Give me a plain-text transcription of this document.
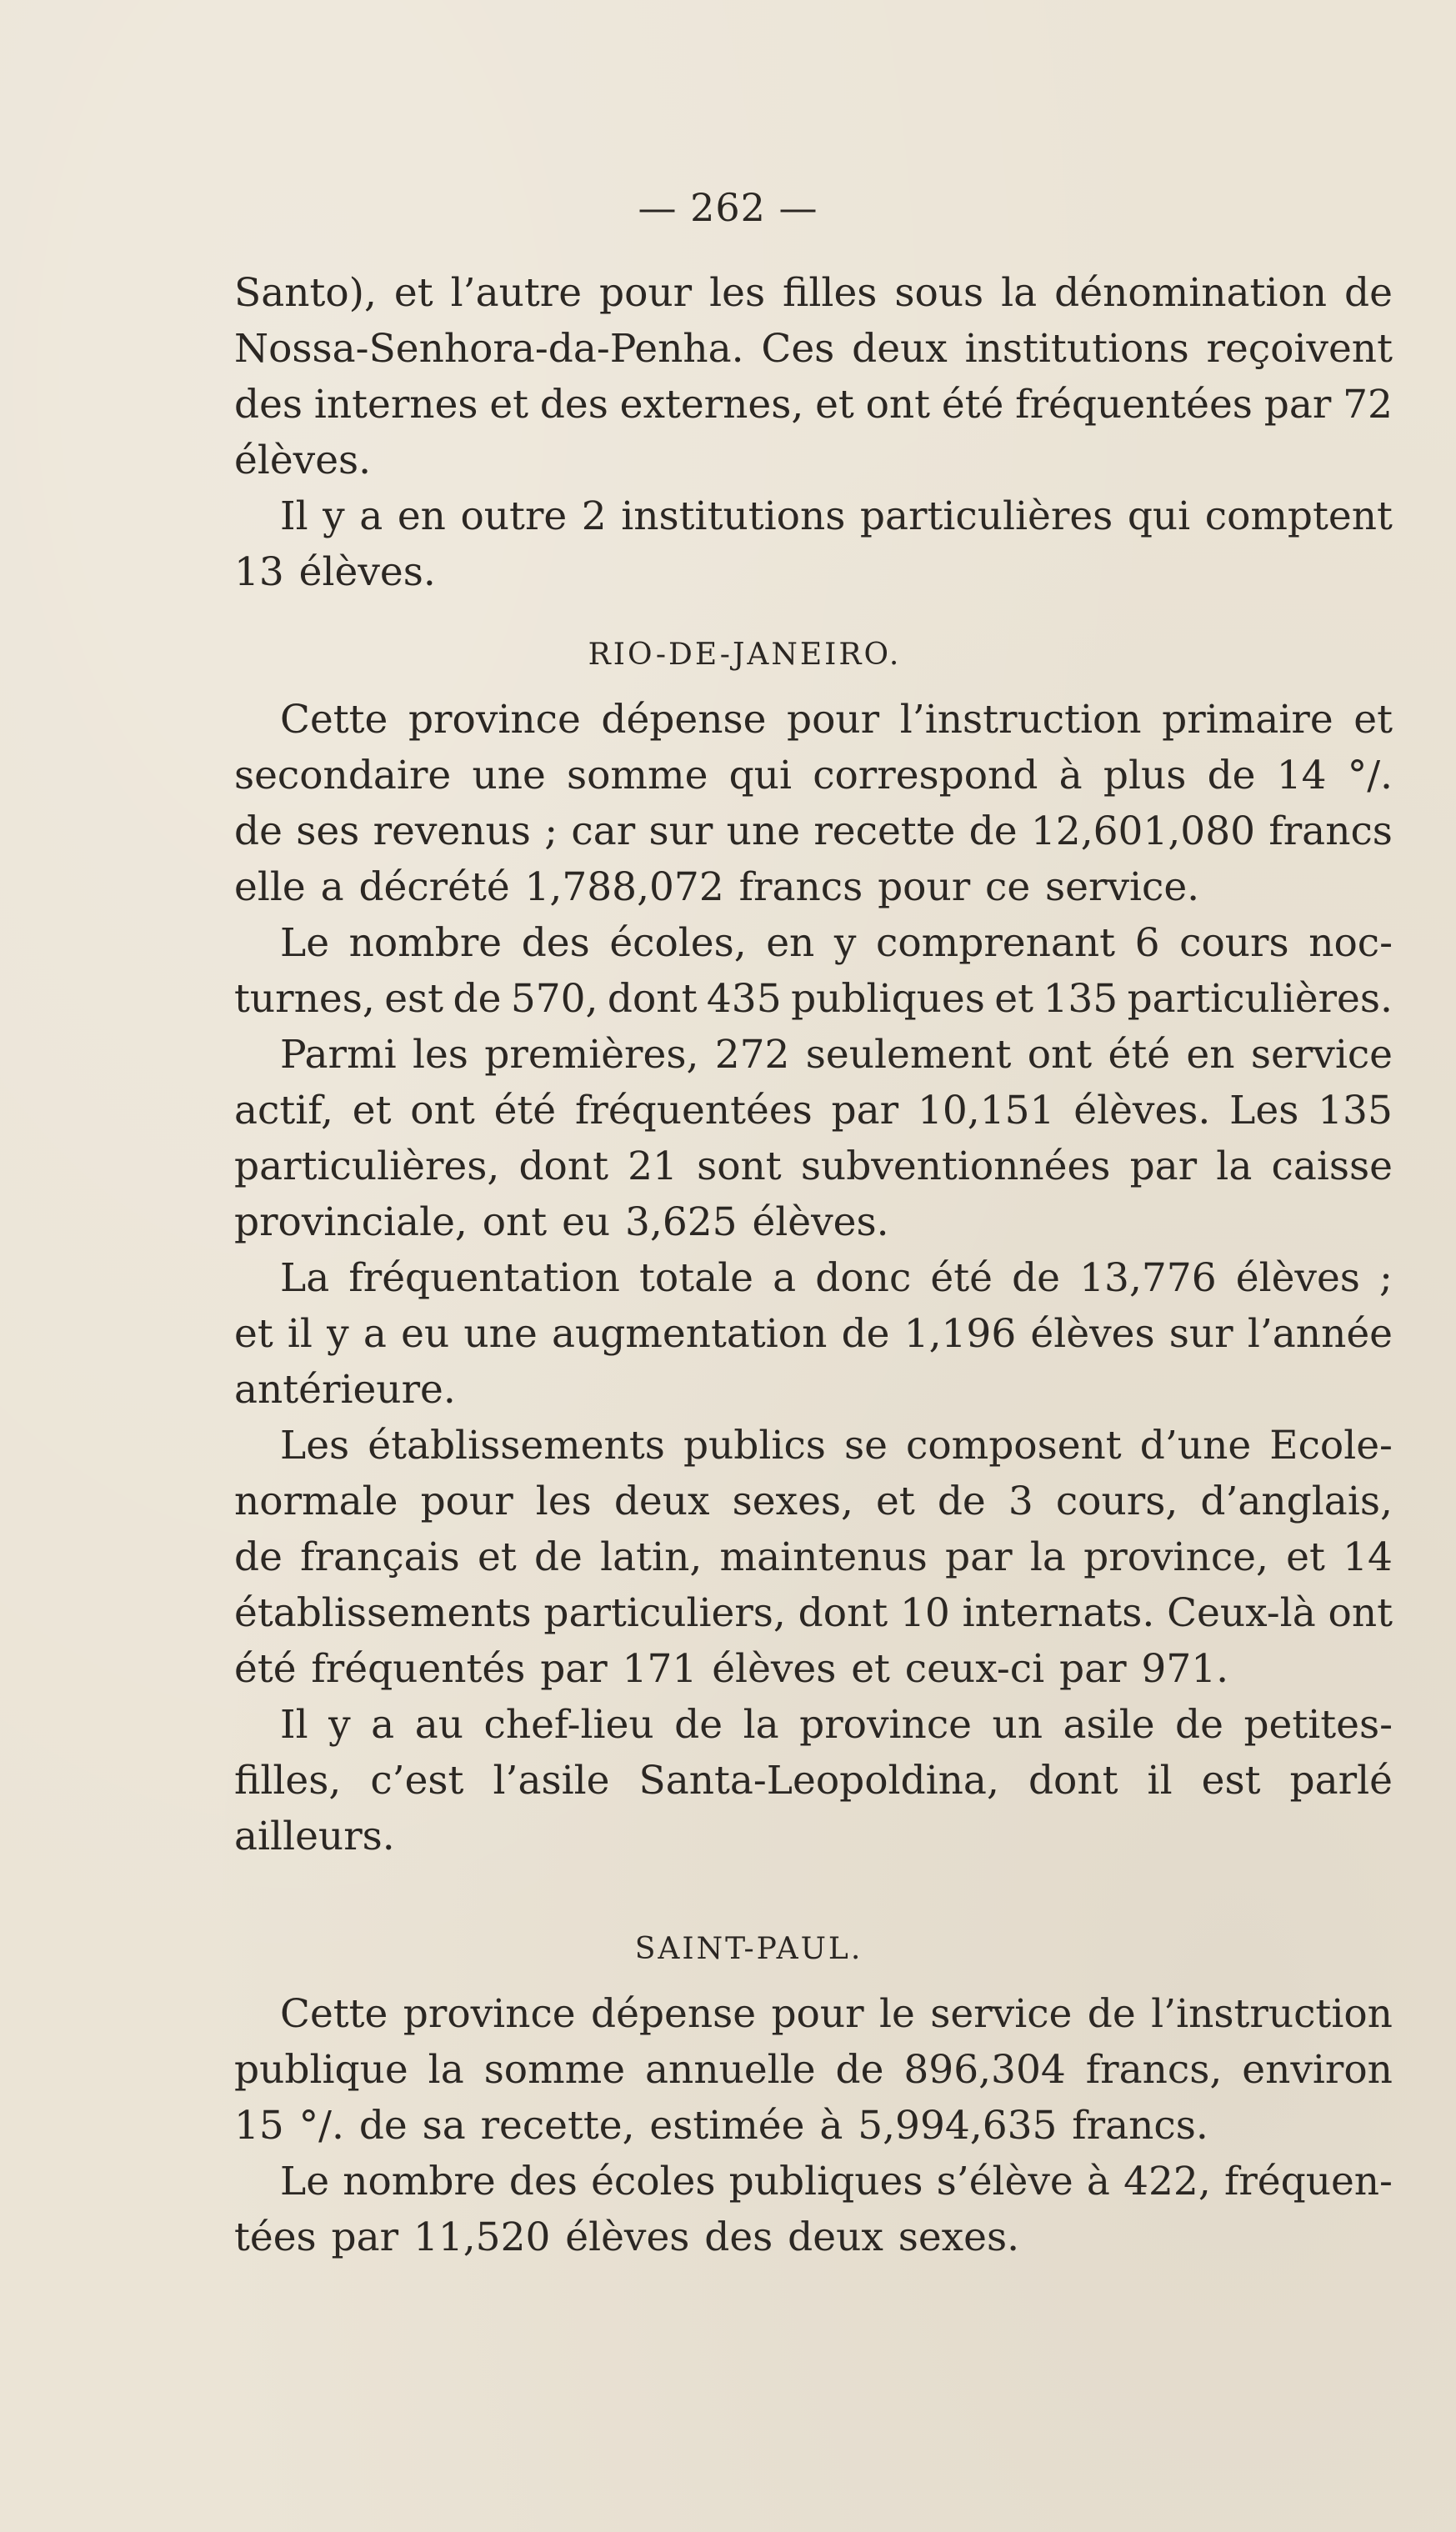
— 262 —
Santo), et l’autre pour les filles sous la dénomination de
Nossa-Senhora-da-Penha. Ces deux institutions reçoivent
des internes et des externes, et ont été fréquentées par 72
élèves.
Il y a en outre 2 institutions particulières qui comptent
13 élèves.
RIO-DE-JANEIRO.
Cette province dépense pour l’instruction primaire et
secondaire une somme qui correspond à plus de 14 °/.
de ses revenus ; car sur une recette de 12,601,080 francs
elle a décrété 1,788,072 francs pour ce service.
Le nombre des écoles, en y comprenant 6 cours noc-
turnes, est de 570, dont 435 publiques et 135 particulières.
Parmi les premières, 272 seulement ont été en service
actif, et ont été fréquentées par 10,151 élèves. Les 135
particulières, dont 21 sont subventionnées par la caisse
provinciale, ont eu 3,625 élèves.
La fréquentation totale a donc été de 13,776 élèves ;
et il y a eu une augmentation de 1,196 élèves sur l’année
antérieure.
Les établissements publics se composent d’une Ecole-
normale pour les deux sexes, et de 3 cours, d’anglais,
de français et de latin, maintenus par la province, et 14
établissements particuliers, dont 10 internats. Ceux-là ont
été fréquentés par 171 élèves et ceux-ci par 971.
Il y a au chef-lieu de la province un asile de petites-
filles, c’est l’asile Santa-Leopoldina, dont il est parlé
ailleurs.
SAINT-PAUL.
Cette province dépense pour le service de l’instruction
publique la somme annuelle de 896,304 francs, environ
15 °/. de sa recette, estimée à 5,994,635 francs.
Le nombre des écoles publiques s’élève à 422, fréquen-
tées par 11,520 élèves des deux sexes.
